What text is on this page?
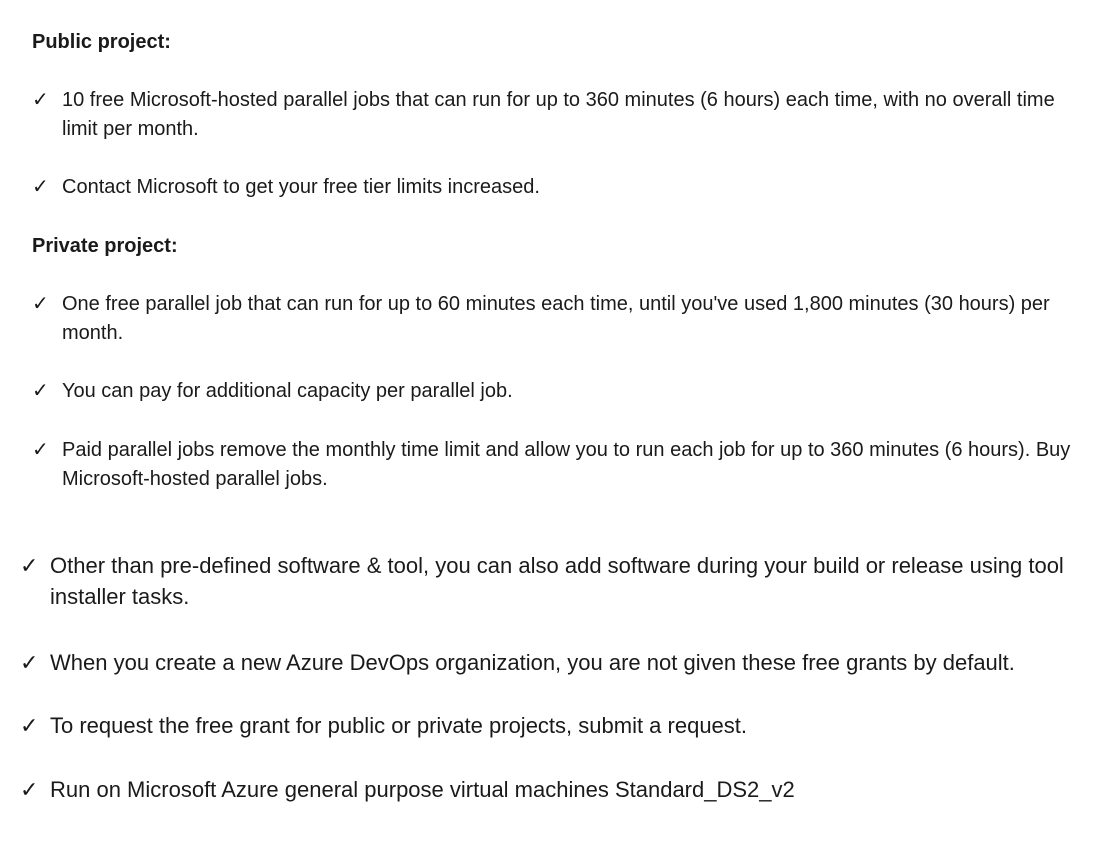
Public project:
✓ 10 free Microsoft-hosted parallel jobs that can run for up to 360 minutes (6 hours) each time, with no overall time limit per month.
✓ Contact Microsoft to get your free tier limits increased.
Private project:
✓ One free parallel job that can run for up to 60 minutes each time, until you've used 1,800 minutes (30 hours) per month.
✓ You can pay for additional capacity per parallel job.
✓ Paid parallel jobs remove the monthly time limit and allow you to run each job for up to 360 minutes (6 hours). Buy Microsoft-hosted parallel jobs.
✓ Other than pre-defined software & tool, you can also add software during your build or release using tool installer tasks.
✓ When you create a new Azure DevOps organization, you are not given these free grants by default.
✓ To request the free grant for public or private projects, submit a request.
✓ Run on Microsoft Azure general purpose virtual machines Standard_DS2_v2
